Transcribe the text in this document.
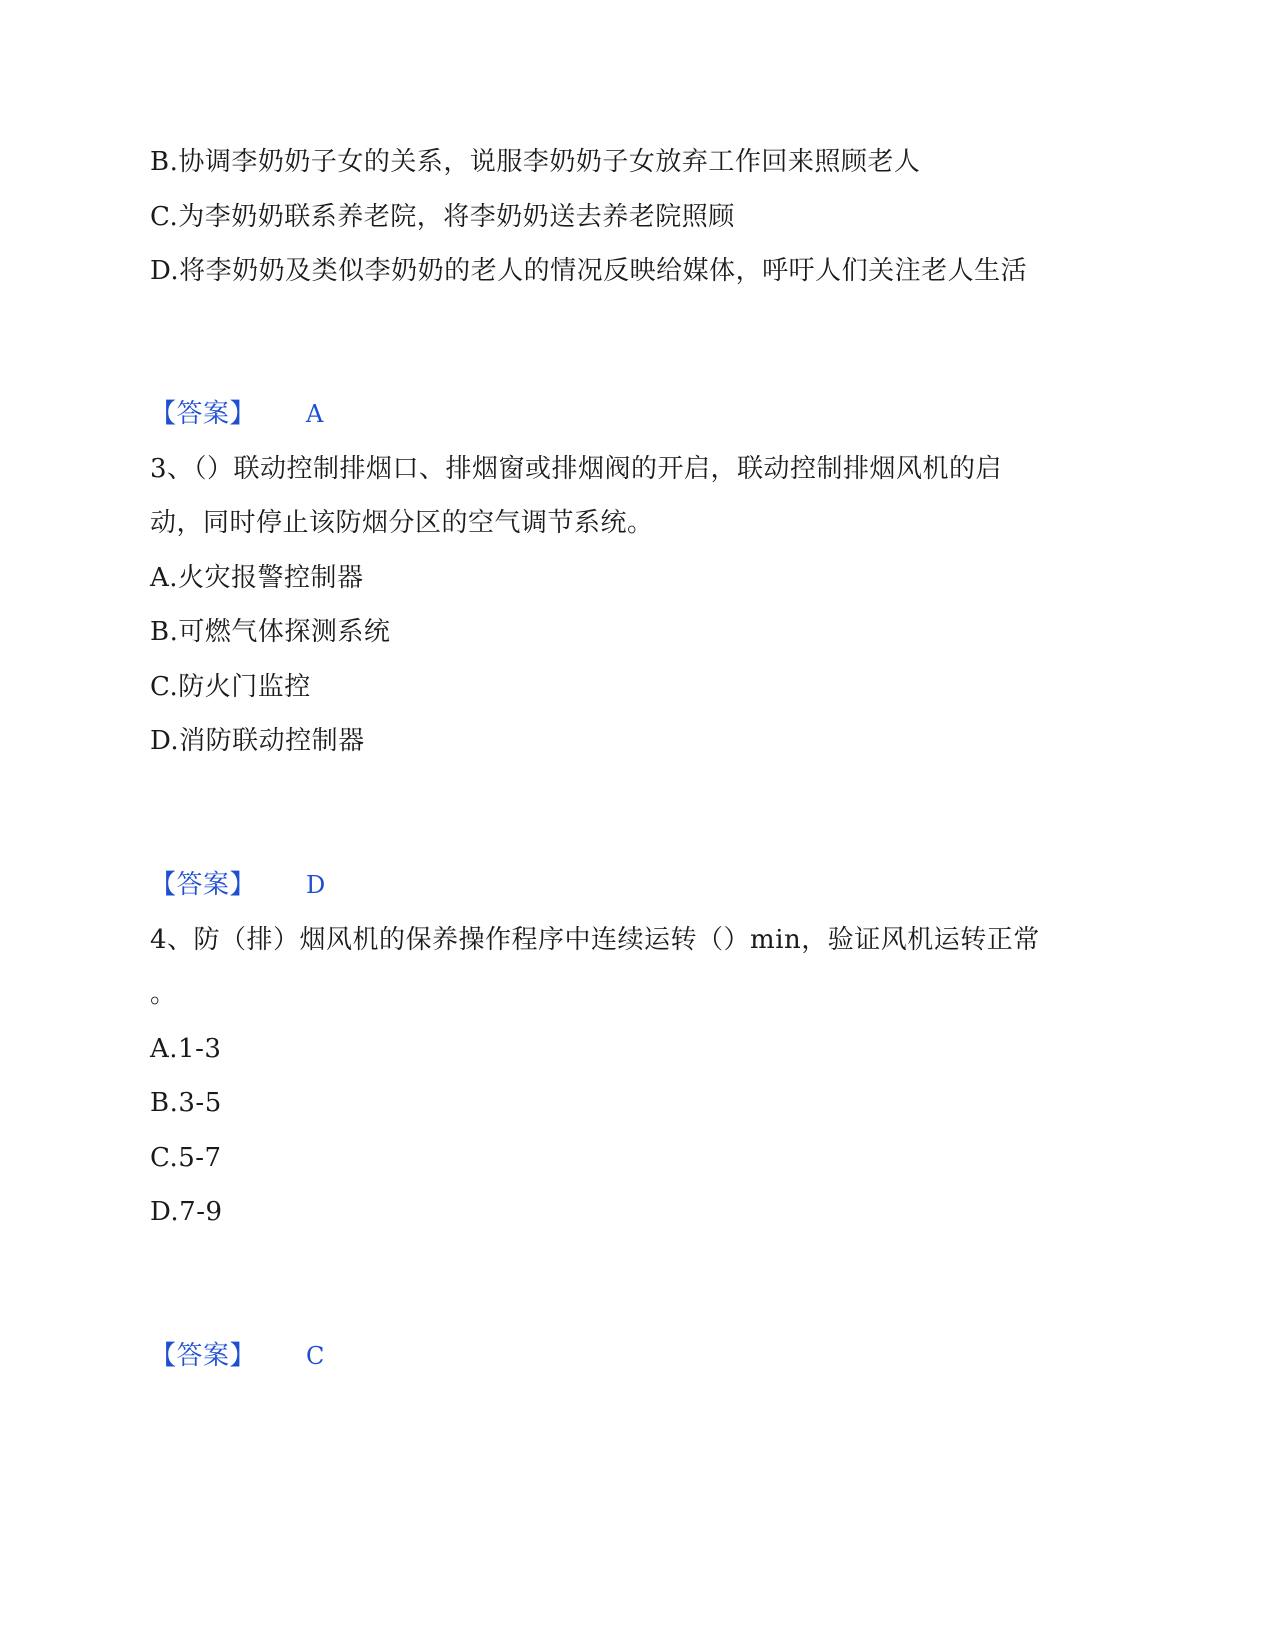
B.协调李奶奶子女的关系，说服李奶奶子女放弃工作回来照顾老人
C.为李奶奶联系养老院，将李奶奶送去养老院照顾
D.将李奶奶及类似李奶奶的老人的情况反映给媒体，呼吁人们关注老人生活
【答案】 A
3、（）联动控制排烟口、排烟窗或排烟阀的开启，联动控制排烟风机的启
动，同时停止该防烟分区的空气调节系统。
A.火灾报警控制器
B.可燃气体探测系统
C.防火门监控
D.消防联动控制器
【答案】 D
4、防（排）烟风机的保养操作程序中连续运转（）min，验证风机运转正常
。
A.1-3
B.3-5
C.5-7
D.7-9
【答案】 C
